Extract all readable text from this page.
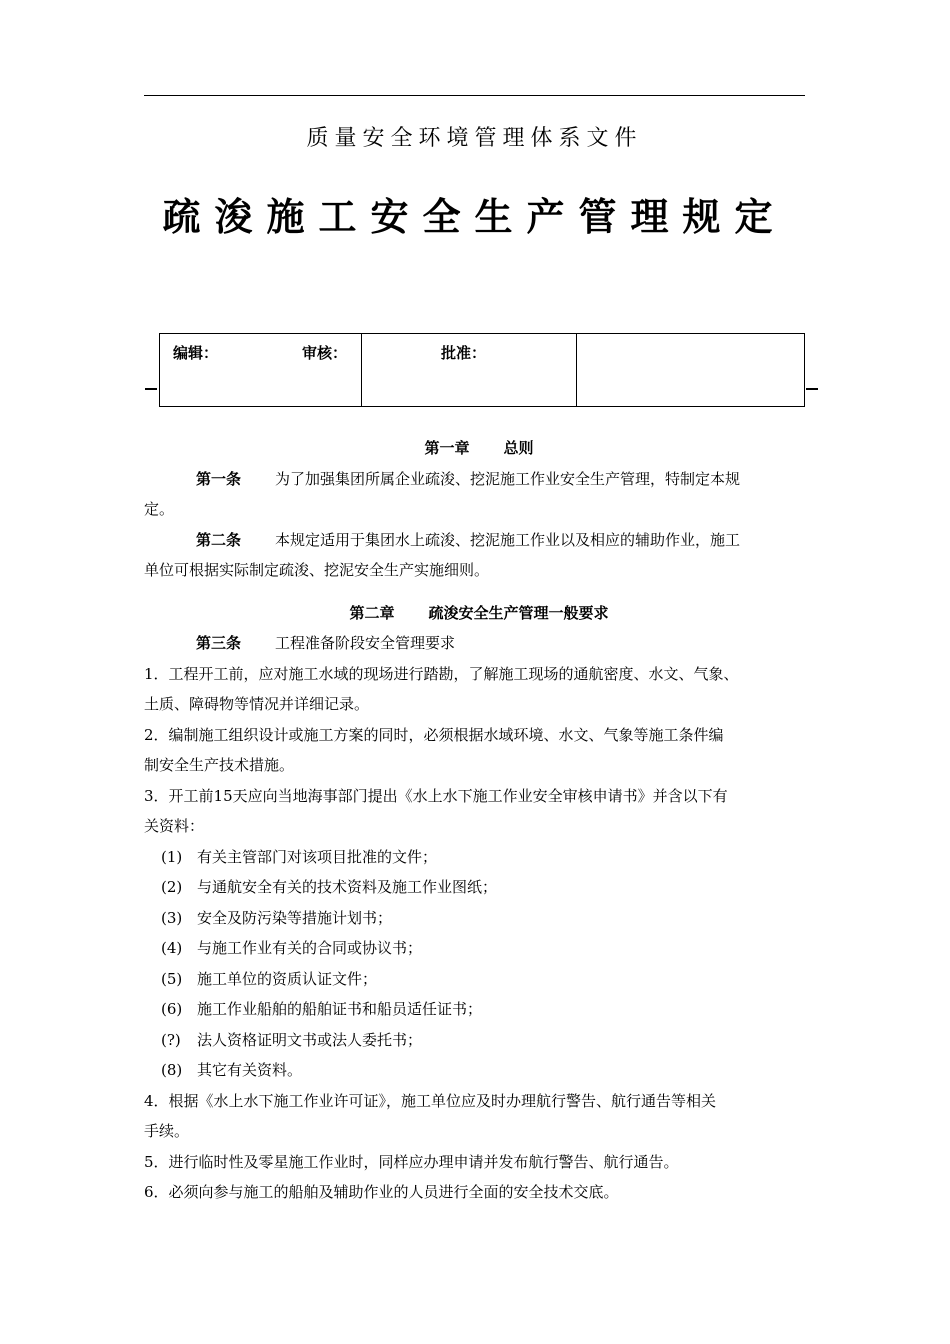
质量安全环境管理体系文件
疏浚施工安全生产管理规定
编辑：	审核：	批准：

第一章 总则

第一条 为了加强集团所属企业疏浚、挖泥施工作业安全生产管理，特制定本规

定。

第二条 本规定适用于集团水上疏浚、挖泥施工作业以及相应的辅助作业，施工

单位可根据实际制定疏浚、挖泥安全生产实施细则。

第二章 疏浚安全生产管理一般要求

第三条 工程准备阶段安全管理要求

1．工程开工前，应对施工水域的现场进行踏勘，了解施工现场的通航密度、水文、气象、

土质、障碍物等情况并详细记录。

2．编制施工组织设计或施工方案的同时，必须根据水域环境、水文、气象等施工条件编

制安全生产技术措施。

3．开工前15天应向当地海事部门提出《水上水下施工作业安全审核申请书》并含以下有

关资料：

(1) 有关主管部门对该项目批准的文件；

(2) 与通航安全有关的技术资料及施工作业图纸；

(3) 安全及防污染等措施计划书；

(4) 与施工作业有关的合同或协议书；

(5) 施工单位的资质认证文件；

(6) 施工作业船舶的船舶证书和船员适任证书；

(?) 法人资格证明文书或法人委托书；

(8) 其它有关资料。

4．根据《水上水下施工作业许可证》，施工单位应及时办理航行警告、航行通告等相关

手续。

5．进行临时性及零星施工作业时，同样应办理申请并发布航行警告、航行通告。

6．必须向参与施工的船舶及辅助作业的人员进行全面的安全技术交底。
